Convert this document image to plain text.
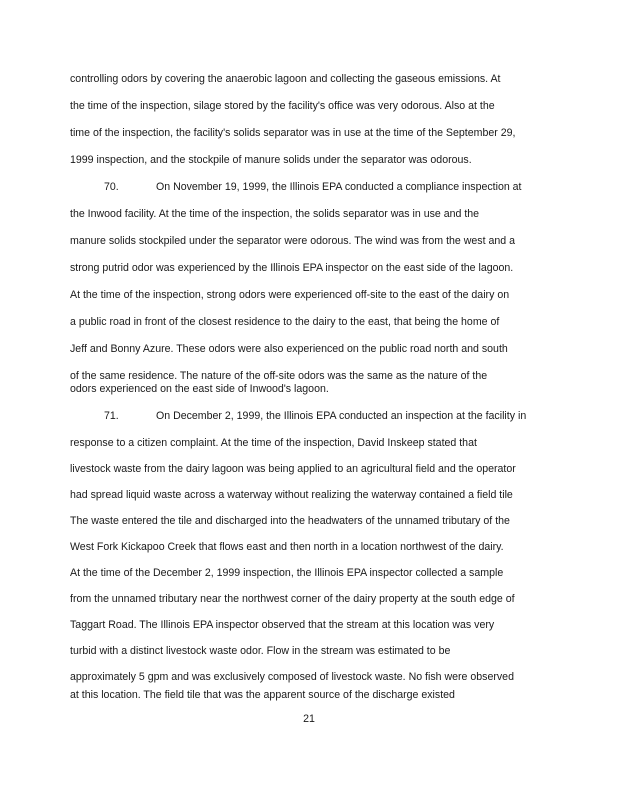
controlling odors by covering the anaerobic lagoon and collecting the gaseous emissions. At
the time of the inspection, silage stored by the facility's office was very odorous. Also at the
time of the inspection, the facility's solids separator was in use at the time of the September 29,
1999 inspection, and the stockpile of manure solids under the separator was odorous.
70.	On November 19, 1999, the Illinois EPA conducted a compliance inspection at
the Inwood facility. At the time of the inspection, the solids separator was in use and the
manure solids stockpiled under the separator were odorous. The wind was from the west and a
strong putrid odor was experienced by the Illinois EPA inspector on the east side of the lagoon.
At the time of the inspection, strong odors were experienced off-site to the east of the dairy on
a public road in front of the closest residence to the dairy to the east, that being the home of
Jeff and Bonny Azure. These odors were also experienced on the public road north and south
of the same residence. The nature of the off-site odors was the same as the nature of the
odors experienced on the east side of Inwood's lagoon.
71.	On December 2, 1999, the Illinois EPA conducted an inspection at the facility in
response to a citizen complaint. At the time of the inspection, David Inskeep stated that
livestock waste from the dairy lagoon was being applied to an agricultural field and the operator
had spread liquid waste across a waterway without realizing the waterway contained a field tile
The waste entered the tile and discharged into the headwaters of the unnamed tributary of the
West Fork Kickapoo Creek that flows east and then north in a location northwest of the dairy.
At the time of the December 2, 1999 inspection, the Illinois EPA inspector collected a sample
from the unnamed tributary near the northwest corner of the dairy property at the south edge of
Taggart Road. The Illinois EPA inspector observed that the stream at this location was very
turbid with a distinct livestock waste odor. Flow in the stream was estimated to be
approximately 5 gpm and was exclusively composed of livestock waste. No fish were observed
at this location. The field tile that was the apparent source of the discharge existed
21
